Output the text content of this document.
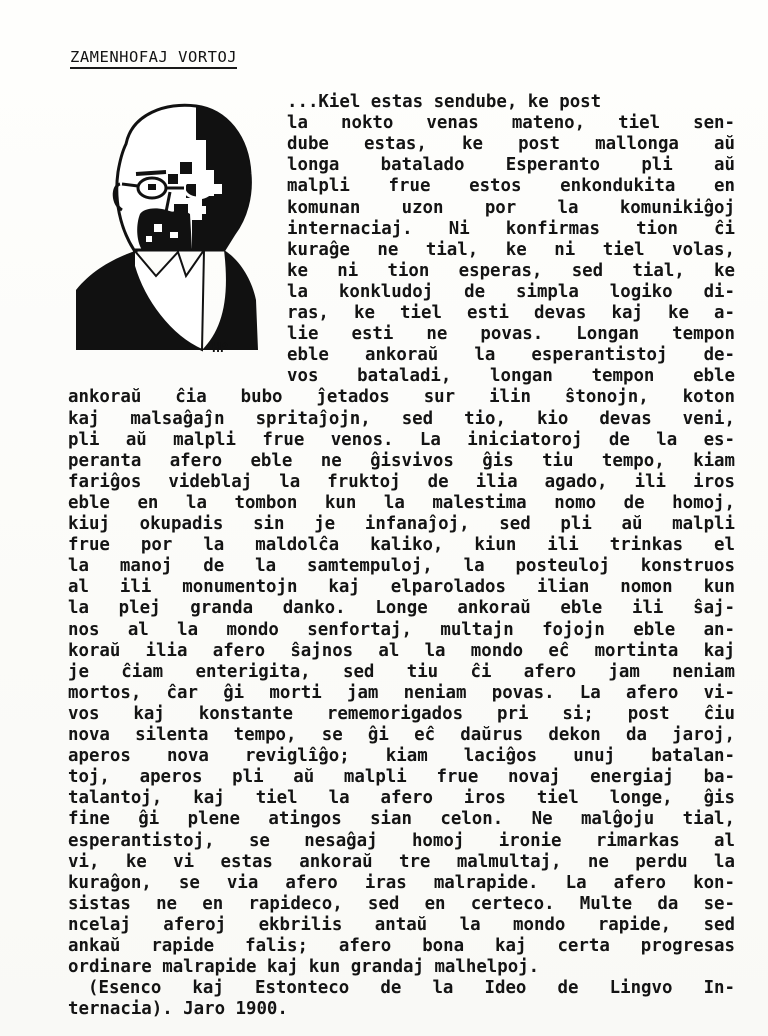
ZAMENHOFAJ VORTOJ
HP
...Kiel estas sendube, ke post
la nokto venas mateno, tiel sen-
dube estas, ke post mallonga aŭ
longa batalado Esperanto pli aŭ
malpli frue estos enkondukita en
komunan uzon por la komunikiĝoj
internaciaj. Ni konfirmas tion ĉi
kuraĝe ne tial, ke ni tiel volas,
ke ni tion esperas, sed tial, ke
la konkludoj de simpla logiko di-
ras, ke tiel esti devas kaj ke a-
lie esti ne povas. Longan tempon
eble ankoraŭ la esperantistoj de-
vos bataladi, longan tempon eble
ankoraŭ ĉia bubo ĵetados sur ilin ŝtonojn, koton
kaj malsaĝaĵn spritaĵojn, sed tio, kio devas veni,
pli aŭ malpli frue venos. La iniciatoroj de la es-
peranta afero eble ne ĝisvivos ĝis tiu tempo, kiam
fariĝos videblaj la fruktoj de ilia agado, ili iros
eble en la tombon kun la malestima nomo de homoj,
kiuj okupadis sin je infanaĵoj, sed pli aŭ malpli
frue por la maldolĉa kaliko, kiun ili trinkas el
la manoj de la samtempuloj, la posteuloj konstruos
al ili monumentojn kaj elparolados ilian nomon kun
la plej granda danko. Longe ankoraŭ eble ili ŝaj-
nos al la mondo senfortaj, multajn fojojn eble an-
koraŭ ilia afero ŝajnos al la mondo eĉ mortinta kaj
je ĉiam enterigita, sed tiu ĉi afero jam neniam
mortos, ĉar ĝi morti jam neniam povas. La afero vi-
vos kaj konstante rememorigados pri si; post ĉiu
nova silenta tempo, se ĝi eĉ daŭrus dekon da jaroj,
aperos nova reviglîĝo; kiam laciĝos unuj batalan-
toj, aperos pli aŭ malpli frue novaj energiaj ba-
talantoj, kaj tiel la afero iros tiel longe, ĝis
fine ĝi plene atingos sian celon. Ne malĝoju tial,
esperantistoj, se nesaĝaj homoj ironie rimarkas al
vi, ke vi estas ankoraŭ tre malmultaj, ne perdu la
kuraĝon, se via afero iras malrapide. La afero kon-
sistas ne en rapideco, sed en certeco. Multe da se-
ncelaj aferoj ekbrilis antaŭ la mondo rapide, sed
ankaŭ rapide falis; afero bona kaj certa progresas
ordinare malrapide kaj kun grandaj malhelpoj.
(Esenco kaj Estonteco de la Ideo de Lingvo In-
ternacia). Jaro 1900.
